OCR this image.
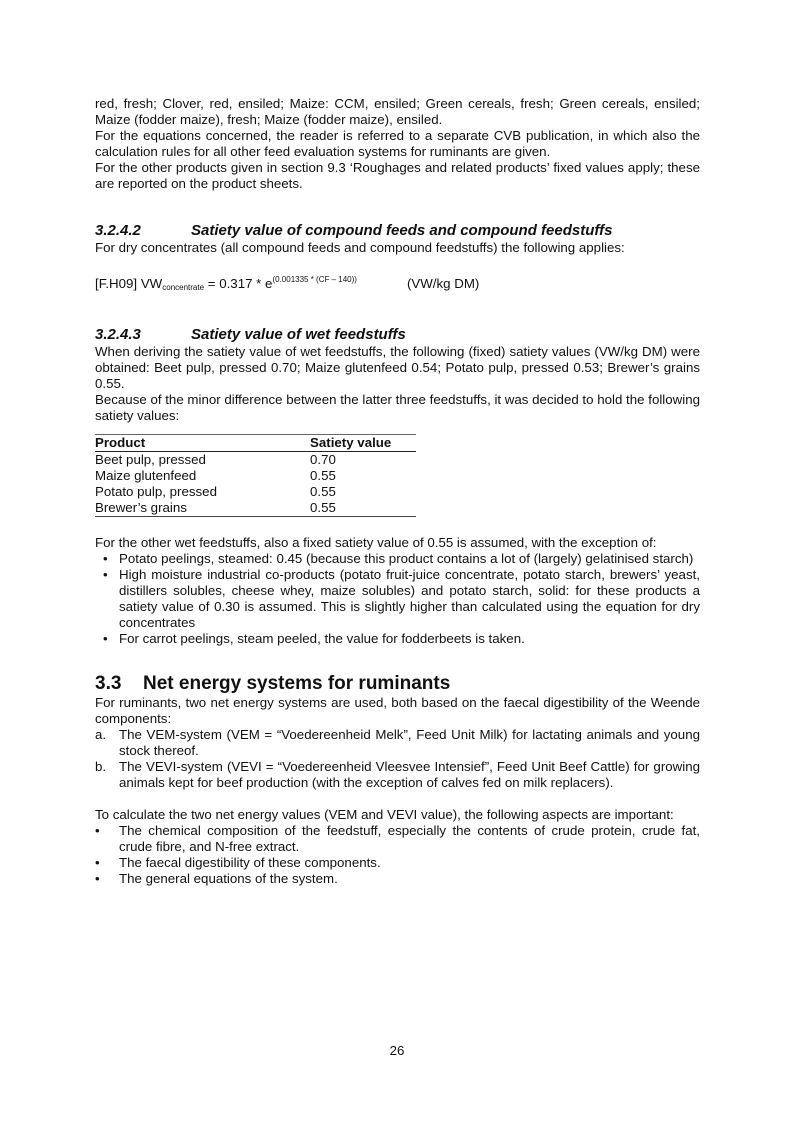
red, fresh; Clover, red, ensiled; Maize: CCM, ensiled; Green cereals, fresh; Green cereals, ensiled; Maize (fodder maize), fresh; Maize (fodder maize), ensiled.

For the equations concerned, the reader is referred to a separate CVB publication, in which also the calculation rules for all other feed evaluation systems for ruminants are given.

For the other products given in section 9.3 ‘Roughages and related products’ fixed values apply; these are reported on the product sheets.

3.2.4.2	Satiety value of compound feeds and compound feedstuffs

For dry concentrates (all compound feeds and compound feedstuffs) the following applies:

[F.H09] $VW_{concentrate} = 0.317 * e^{(0.001335 * (CF - 140))}$	(VW/kg DM)

3.2.4.3	Satiety value of wet feedstuffs

When deriving the satiety value of wet feedstuffs, the following (fixed) satiety values (VW/kg DM) were obtained: Beet pulp, pressed 0.70; Maize glutenfeed 0.54; Potato pulp, pressed 0.53; Brewer’s grains 0.55.

Because of the minor difference between the latter three feedstuffs, it was decided to hold the following satiety values:

Product	Satiety value
Beet pulp, pressed	0.70
Maize glutenfeed	0.55
Potato pulp, pressed	0.55
Brewer’s grains	0.55

For the other wet feedstuffs, also a fixed satiety value of 0.55 is assumed, with the exception of:

• Potato peelings, steamed: 0.45 (because this product contains a lot of (largely) gelatinised starch)
• High moisture industrial co-products (potato fruit-juice concentrate, potato starch, brewers’ yeast, distillers solubles, cheese whey, maize solubles) and potato starch, solid: for these products a satiety value of 0.30 is assumed. This is slightly higher than calculated using the equation for dry concentrates
• For carrot peelings, steam peeled, the value for fodderbeets is taken.
3.3 Net energy systems for ruminants

For ruminants, two net energy systems are used, both based on the faecal digestibility of the Weende components:

a. The VEM-system (VEM = “Voedereenheid Melk”, Feed Unit Milk) for lactating animals and young stock thereof.
b. The VEVI-system (VEVI = “Voedereenheid Vleesvee Intensief”, Feed Unit Beef Cattle) for growing animals kept for beef production (with the exception of calves fed on milk replacers).

To calculate the two net energy values (VEM and VEVI value), the following aspects are important:

• The chemical composition of the feedstuff, especially the contents of crude protein, crude fat, crude fibre, and N-free extract.
• The faecal digestibility of these components.
• The general equations of the system.
26
